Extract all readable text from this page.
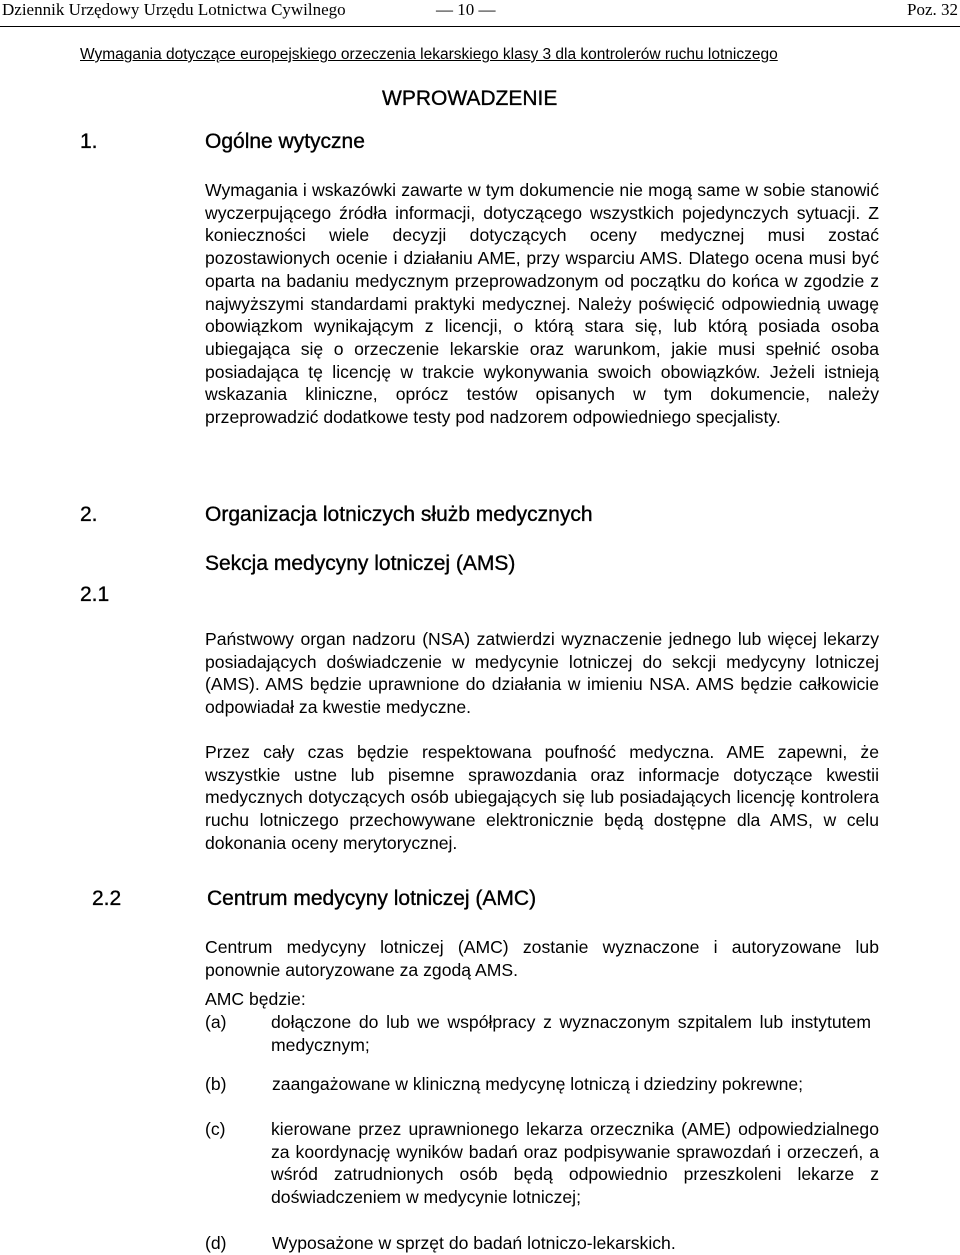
Dziennik Urzędowy Urzędu Lotnictwa Cywilnego	— 10 —	Poz. 32
Wymagania dotyczące europejskiego orzeczenia lekarskiego klasy 3 dla kontrolerów ruchu lotniczego
WPROWADZENIE
1.	Ogólne wytyczne
Wymagania i wskazówki zawarte w tym dokumencie nie mogą same w sobie stanowić wyczerpującego źródła informacji, dotyczącego wszystkich pojedynczych sytuacji. Z konieczności wiele decyzji dotyczących oceny medycznej musi zostać pozostawionych ocenie i działaniu AME, przy wsparciu AMS. Dlatego ocena musi być oparta na badaniu medycznym przeprowadzonym od początku do końca w zgodzie z najwyższymi standardami praktyki medycznej. Należy poświęcić odpowiednią uwagę obowiązkom wynikającym z licencji, o którą stara się, lub którą posiada osoba ubiegająca się o orzeczenie lekarskie oraz warunkom, jakie musi spełnić osoba posiadająca tę licencję w trakcie wykonywania swoich obowiązków. Jeżeli istnieją wskazania kliniczne, oprócz testów opisanych w tym dokumencie, należy przeprowadzić dodatkowe testy pod nadzorem odpowiedniego specjalisty.
2.	Organizacja lotniczych służb medycznych
2.1
Sekcja medycyny lotniczej (AMS)
Państwowy organ nadzoru (NSA) zatwierdzi wyznaczenie jednego lub więcej lekarzy posiadających doświadczenie w medycynie lotniczej do sekcji medycyny lotniczej (AMS). AMS będzie uprawnione do działania w imieniu NSA. AMS będzie całkowicie odpowiadał za kwestie medyczne.
Przez cały czas będzie respektowana poufność medyczna. AME zapewni, że wszystkie ustne lub pisemne sprawozdania oraz informacje dotyczące kwestii medycznych dotyczących osób ubiegających się lub posiadających licencję kontrolera ruchu lotniczego przechowywane elektronicznie będą dostępne dla AMS, w celu dokonania oceny merytorycznej.
2.2	Centrum medycyny lotniczej (AMC)
Centrum medycyny lotniczej (AMC) zostanie wyznaczone i autoryzowane lub ponownie autoryzowane za zgodą AMS.
AMC będzie:
(a)	dołączone do lub we współpracy z wyznaczonym szpitalem lub instytutem medycznym;
(b)	zaangażowane w kliniczną medycynę lotniczą i dziedziny pokrewne;
(c)	kierowane przez uprawnionego lekarza orzecznika (AME) odpowiedzialnego za koordynację wyników badań oraz podpisywanie sprawozdań i orzeczeń, a wśród zatrudnionych osób będą odpowiednio przeszkoleni lekarze z doświadczeniem w medycynie lotniczej;
(d)	Wyposażone w sprzęt do badań lotniczo-lekarskich.
